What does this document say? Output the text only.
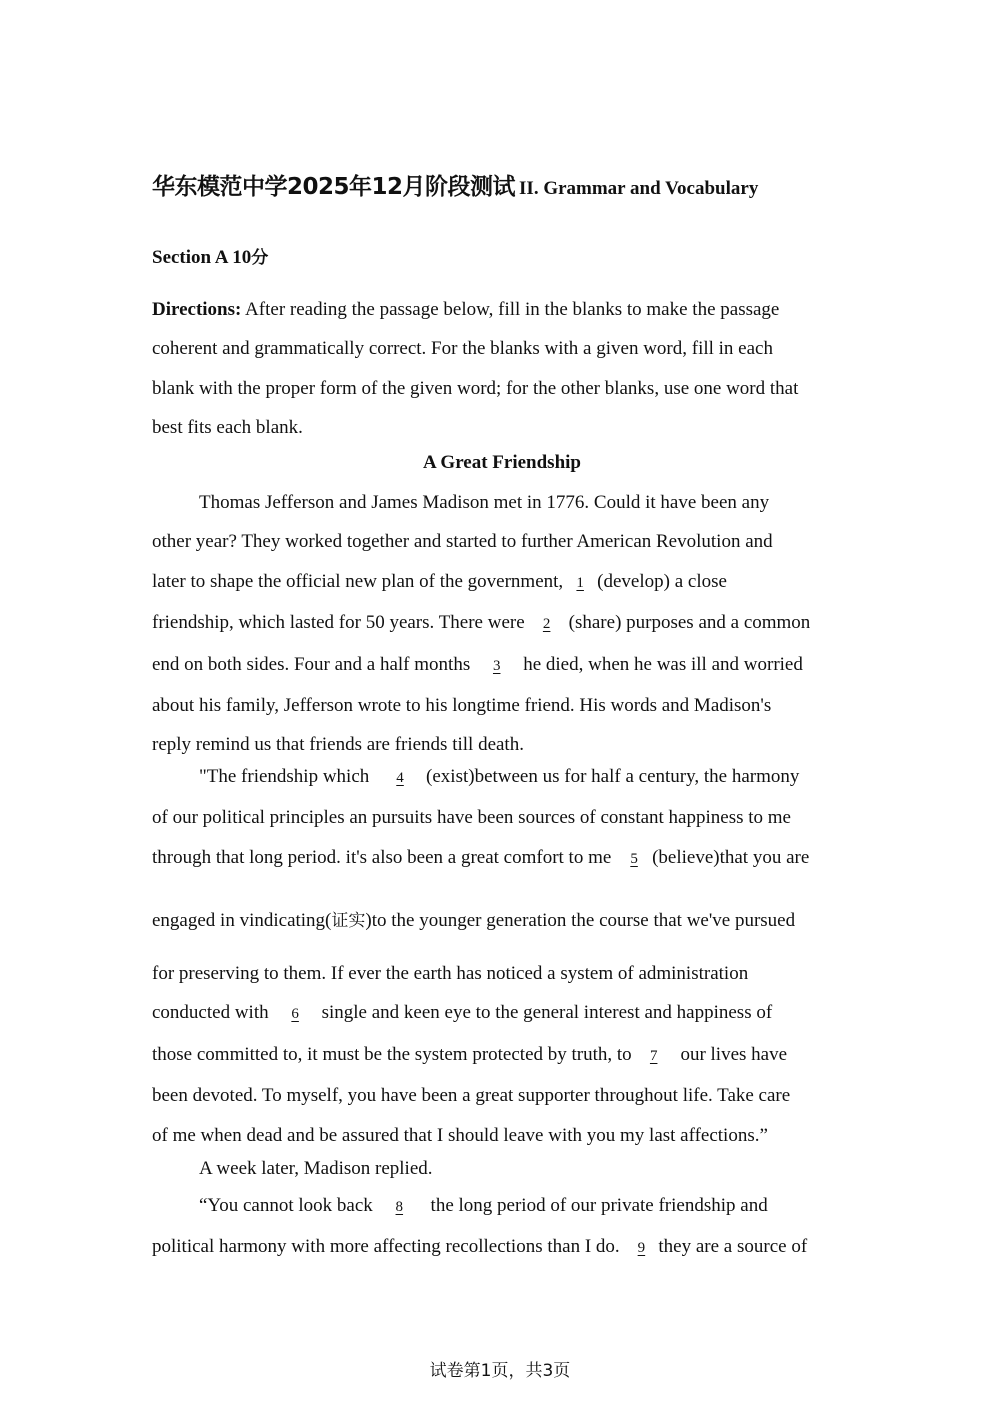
华东模范中学2025年12月阶段测试 II. Grammar and Vocabulary
Section A 10分
Directions: After reading the passage below, fill in the blanks to make the passage
coherent and grammatically correct. For the blanks with a given word, fill in each
blank with the proper form of the given word; for the other blanks, use one word that
best fits each blank.
A Great Friendship
Thomas Jefferson and James Madison met in 1776. Could it have been any
other year? They worked together and started to further American Revolution and
later to shape the official new plan of the government, 1 (develop) a close
friendship, which lasted for 50 years. There were 2 (share) purposes and a common
end on both sides. Four and a half months 3 he died, when he was ill and worried
about his family, Jefferson wrote to his longtime friend. His words and Madison's
reply remind us that friends are friends till death.
"The friendship which 4 (exist)between us for half a century, the harmony
of our political principles an pursuits have been sources of constant happiness to me
through that long period. it's also been a great comfort to me 5 (believe)that you are
engaged in vindicating(证实)to the younger generation the course that we've pursued
for preserving to them. If ever the earth has noticed a system of administration
conducted with 6 single and keen eye to the general interest and happiness of
those committed to, it must be the system protected by truth, to 7 our lives have
been devoted. To myself, you have been a great supporter throughout life. Take care
of me when dead and be assured that I should leave with you my last affections.”
A week later, Madison replied.
“You cannot look back 8 the long period of our private friendship and
political harmony with more affecting recollections than I do. 9 they are a source of
试卷第1页，共3页
